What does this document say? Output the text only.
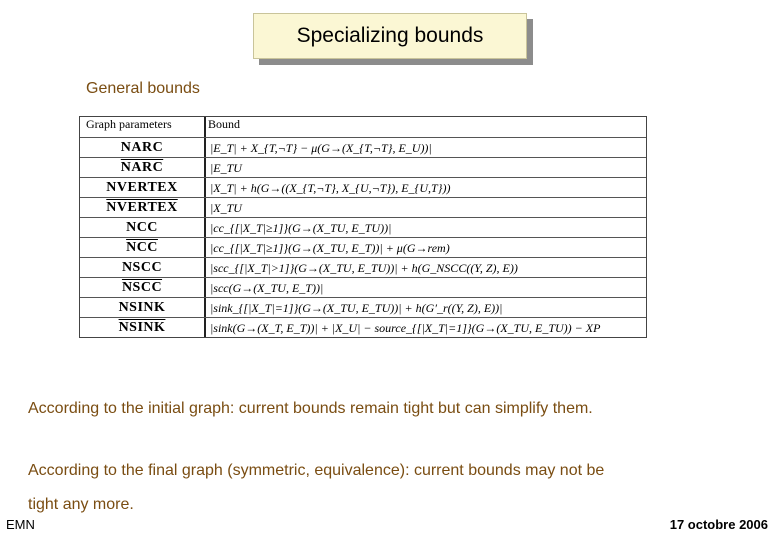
Specializing bounds
General bounds
Graph parameters	Bound
NARC	|E_T| + X_{T,¬T} − μ(G→(X_{T,¬T}, E_U))|
NARC	|E_TU
NVERTEX	|X_T| + h(G→((X_{T,¬T}, X_{U,¬T}), E_{U,T}))
NVERTEX	|X_TU
NCC	|cc_{[|X_T|≥1]}(G→(X_TU, E_TU))|
$\overline{NCC}$	|cc_{[|X_T|≥1]}(G→(X_TU, E_T))| + μ(G→rem)
NSCC	|scc_{[|X_T|>1]}(G→(X_TU, E_TU))| + h(G_NSCC((Y, Z), E))
NSCC	|scc(G→(X_TU, E_T))|
NSINK	|sink_{[|X_T|=1]}(G→(X_TU, E_TU))| + h(G′_r((Y, Z), E))|
NSINK	|sink(G→(X_T, E_T))| + |X_U| − source_{[|X_T|=1]}(G→(X_TU, E_TU)) − XP
According to the initial graph: current bounds remain tight but can simplify them.
According to the final graph (symmetric, equivalence): current bounds may not be
tight any more.
EMN	17 octobre 2006
